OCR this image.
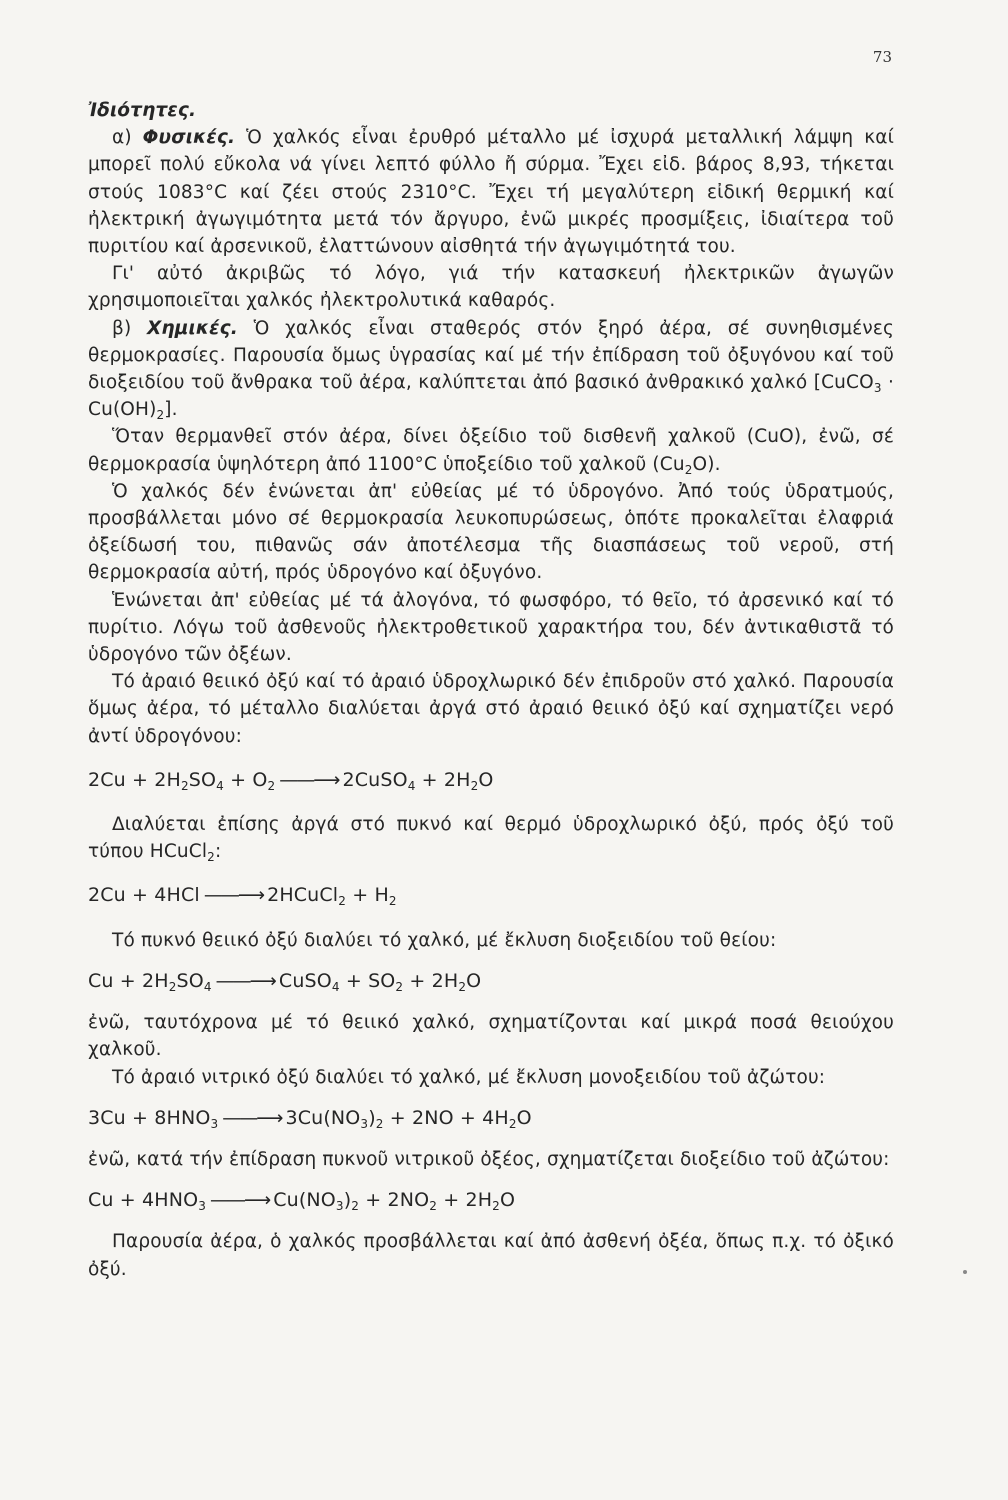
73

Ἰδιότητες.

α) Φυσικές. Ὁ χαλκός εἶναι ἐρυθρό μέταλλο μέ ἰσχυρά μεταλλική λάμψη καί μπορεῖ πολύ εὔκολα νά γίνει λεπτό φύλλο ἤ σύρμα. Ἔχει εἰδ. βάρος 8,93, τήκεται στούς 1083°C καί ζέει στούς 2310°C. Ἔχει τή μεγαλύτερη εἰδική θερμική καί ἠλεκτρική ἀγωγιμότητα μετά τόν ἄργυρο, ἐνῶ μικρές προσμίξεις, ἰδιαίτερα τοῦ πυριτίου καί ἀρσενικοῦ, ἐλαττώνουν αἰσθητά τήν ἀγωγιμότητά του.

Γι' αὐτό ἀκριβῶς τό λόγο, γιά τήν κατασκευή ἠλεκτρικῶν ἀγωγῶν χρησιμοποιεῖται χαλκός ἠλεκτρολυτικά καθαρός.

β) Χημικές. Ὁ χαλκός εἶναι σταθερός στόν ξηρό ἀέρα, σέ συνηθισμένες θερμοκρασίες. Παρουσία ὅμως ὑγρασίας καί μέ τήν ἐπίδραση τοῦ ὀξυγόνου καί τοῦ διοξειδίου τοῦ ἄνθρακα τοῦ ἀέρα, καλύπτεται ἀπό βασικό ἀνθρακικό χαλκό [CuCO$_3$ · $Cu(OH)_2$].

Ὅταν θερμανθεῖ στόν ἀέρα, δίνει ὀξείδιο τοῦ δισθενῆ χαλκοῦ (CuO), ἐνῶ, σέ θερμοκρασία ὑψηλότερη ἀπό 1100°C ὑποξείδιο τοῦ χαλκοῦ $(Cu_2O)$.

Ὁ χαλκός δέν ἑνώνεται ἀπ' εὐθείας μέ τό ὑδρογόνο. Ἀπό τούς ὑδρατμούς, προσβάλλεται μόνο σέ θερμοκρασία λευκοπυρώσεως, ὁπότε προκαλεῖται ἐλαφριά ὀξείδωσή του, πιθανῶς σάν ἀποτέλεσμα τῆς διασπάσεως τοῦ νεροῦ, στή θερμοκρασία αὐτή, πρός ὑδρογόνο καί ὀξυγόνο.

Ἑνώνεται ἀπ' εὐθείας μέ τά ἀλογόνα, τό φωσφόρο, τό θεῖο, τό ἀρσενικό καί τό πυρίτιο. Λόγω τοῦ ἀσθενοῦς ἠλεκτροθετικοῦ χαρακτήρα του, δέν ἀντικαθιστᾶ τό ὑδρογόνο τῶν ὀξέων.

Τό ἀραιό θειικό ὀξύ καί τό ἀραιό ὑδροχλωρικό δέν ἐπιδροῦν στό χαλκό. Παρουσία ὅμως ἀέρα, τό μέταλλο διαλύεται ἀργά στό ἀραιό θειικό ὀξύ καί σχηματίζει νερό ἀντί ὑδρογόνου:

$2Cu + 2H_2SO_4$ + $O_2——⟶2CuSO_4 + 2H_2O$

Διαλύεται ἐπίσης ἀργά στό πυκνό καί θερμό ὑδροχλωρικό ὀξύ, πρός ὀξύ τοῦ τύπου HCuCl$_2$:

2Cu + 4HCl——⟶2HCuCl$_2$ + $H_2$

Τό πυκνό θειικό ὀξύ διαλύει τό χαλκό, μέ ἔκλυση διοξειδίου τοῦ θείου:

$Cu + 2H_2SO_4——⟶CuSO_4 + SO_2 + 2H_2O$

ἐνῶ, ταυτόχρονα μέ τό θειικό χαλκό, σχηματίζονται καί μικρά ποσά θειούχου χαλκοῦ.

Τό ἀραιό νιτρικό ὀξύ διαλύει τό χαλκό, μέ ἔκλυση μονοξειδίου τοῦ ἀζώτου:

$3Cu + 8HNO_3——⟶3Cu(NO_3)_2 + 2NO + 4H_2O$

ἐνῶ, κατά τήν ἐπίδραση πυκνοῦ νιτρικοῦ ὀξέος, σχηματίζεται διοξείδιο τοῦ ἀζώτου:

$Cu + 4HNO_3——⟶Cu(NO_3)_2 + 2NO_2 + 2H_2O$

Παρουσία ἀέρα, ὁ χαλκός προσβάλλεται καί ἀπό ἀσθενή ὀξέα, ὅπως π.χ. τό ὀξικό ὀξύ.
